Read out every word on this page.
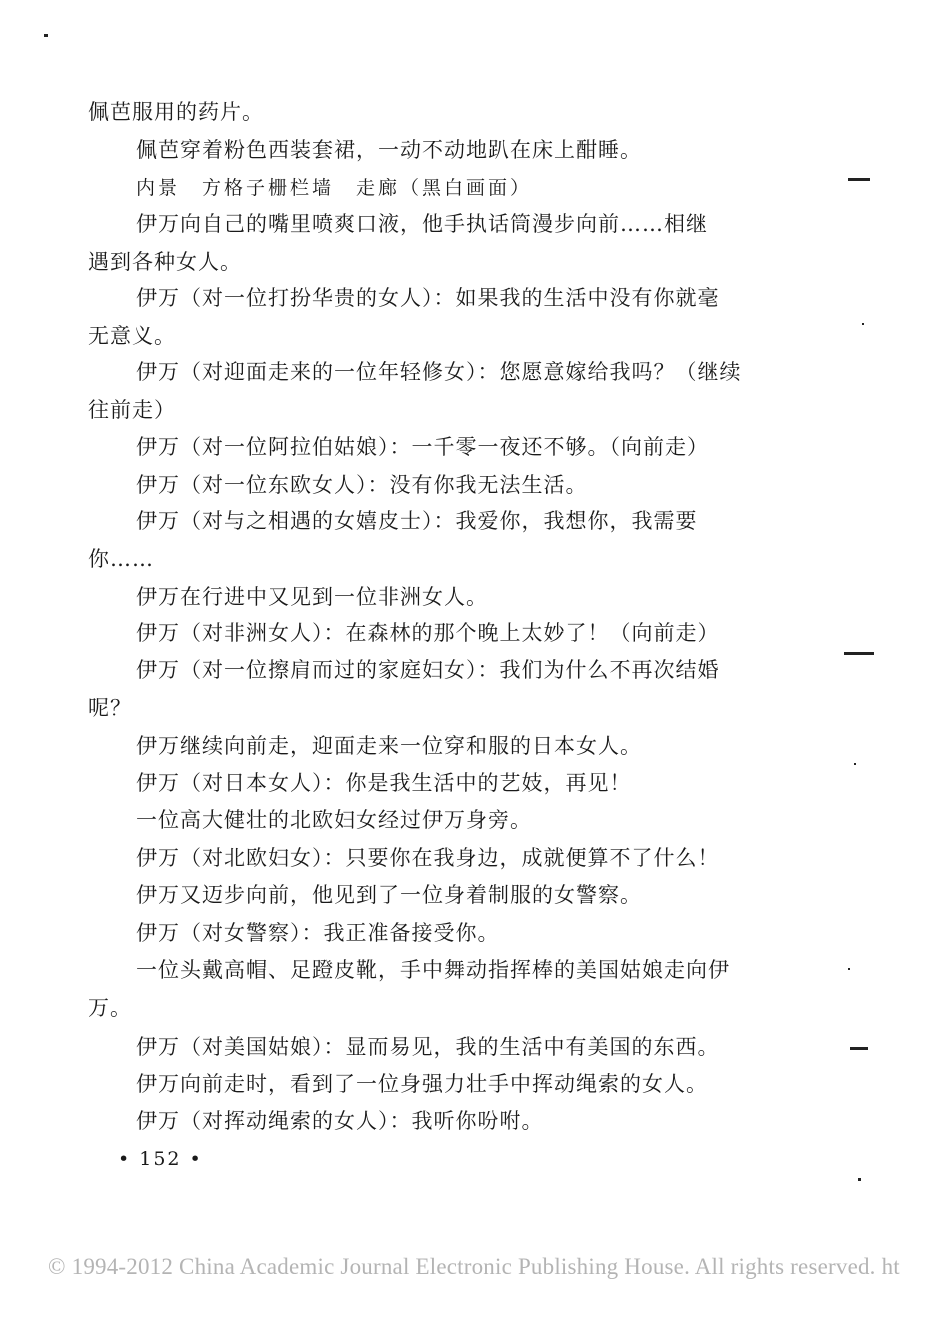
佩芭服用的药片。
佩芭穿着粉色西装套裙，一动不动地趴在床上酣睡。
内景　方格子栅栏墙　走廊（黑白画面）
伊万向自己的嘴里喷爽口液，他手执话筒漫步向前……相继
遇到各种女人。
伊万（对一位打扮华贵的女人）：如果我的生活中没有你就毫
无意义。
伊万（对迎面走来的一位年轻修女）：您愿意嫁给我吗？（继续
往前走）
伊万（对一位阿拉伯姑娘）：一千零一夜还不够。（向前走）
伊万（对一位东欧女人）：没有你我无法生活。
伊万（对与之相遇的女嬉皮士）：我爱你，我想你，我需要
你……
伊万在行进中又见到一位非洲女人。
伊万（对非洲女人）：在森林的那个晚上太妙了！（向前走）
伊万（对一位擦肩而过的家庭妇女）：我们为什么不再次结婚
呢？
伊万继续向前走，迎面走来一位穿和服的日本女人。
伊万（对日本女人）：你是我生活中的艺妓，再见！
一位高大健壮的北欧妇女经过伊万身旁。
伊万（对北欧妇女）：只要你在我身边，成就便算不了什么！
伊万又迈步向前，他见到了一位身着制服的女警察。
伊万（对女警察）：我正准备接受你。
一位头戴高帽、足蹬皮靴，手中舞动指挥棒的美国姑娘走向伊
万。
伊万（对美国姑娘）：显而易见，我的生活中有美国的东西。
伊万向前走时，看到了一位身强力壮手中挥动绳索的女人。
伊万（对挥动绳索的女人）：我听你吩咐。
• 152 •
© 1994-2012 China Academic Journal Electronic Publishing House. All rights reserved. ht
